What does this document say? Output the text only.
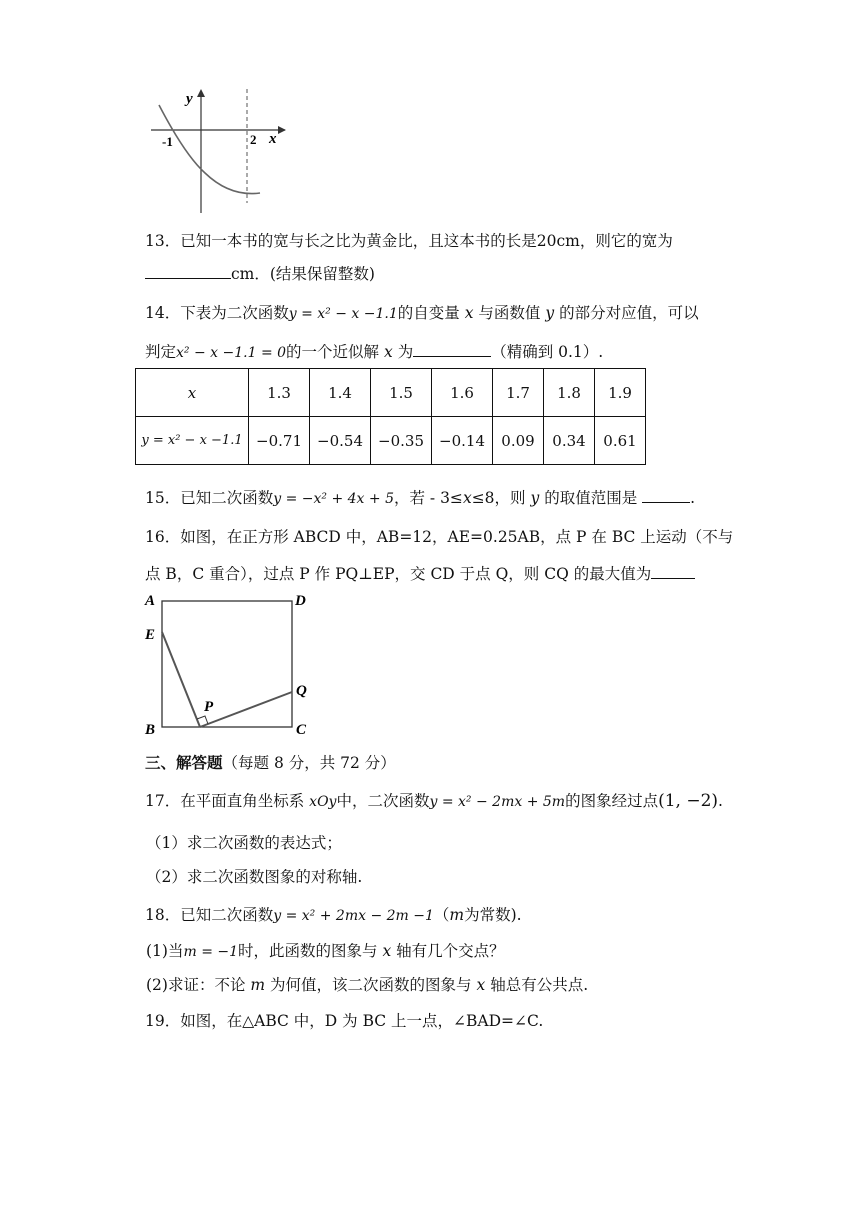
y
x
-1	2
13．已知一本书的宽与长之比为黄金比，且这本书的长是20cm，则它的宽为
cm．(结果保留整数)
14．下表为二次函数y = x² − x −1.1的自变量 x 与函数值 y 的部分对应值，可以
判定x² − x −1.1 = 0的一个近似解 x 为	（精确到 0.1）.
x	1.3	1.4	1.5	1.6	1.7	1.8	1.9
y = x² − x −1.1	−0.71	−0.54	−0.35	−0.14	0.09	0.34	0.61
15．已知二次函数y = −x² + 4x + 5，若 - 3≤x≤8，则 y 的取值范围是	.
16．如图，在正方形 ABCD 中，AB=12，AE=0.25AB，点 P 在 BC 上运动（不与
点 B，C 重合），过点 P 作 PQ⊥EP，交 CD 于点 Q，则 CQ 的最大值为
A	D
E
Q
P
B	C
三、解答题（每题 8 分，共 72 分）
17．在平面直角坐标系 xOy中，二次函数y = x² − 2mx + 5m的图象经过点(1, −2).
（1）求二次函数的表达式；
（2）求二次函数图象的对称轴.
18．已知二次函数y = x² + 2mx − 2m −1（m为常数).
(1)当m = −1时，此函数的图象与 x 轴有几个交点？
(2)求证：不论 m 为何值，该二次函数的图象与 x 轴总有公共点.
19．如图，在△ABC 中，D 为 BC 上一点，∠BAD=∠C.
